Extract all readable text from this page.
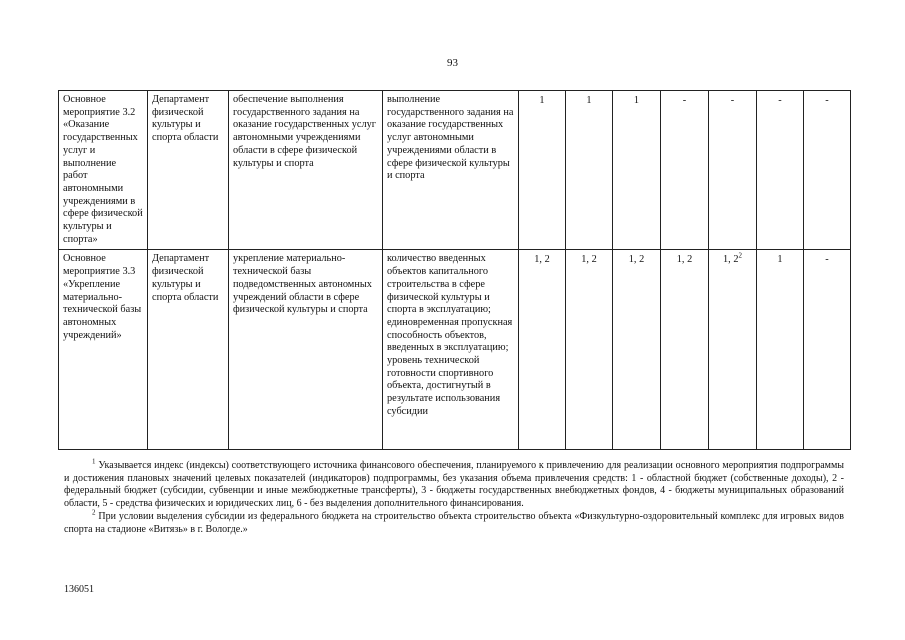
93
Основное мероприятие 3.2 «Оказание государственных услуг и выполнение работ автономными учреждениями в сфере физической культуры и спорта»	Департамент физической культуры и спорта области	обеспечение выполнения государственного задания на оказание государственных услуг автономными учреждениями области в сфере физической культуры и спорта	выполнение государственного задания на оказание государственных услуг автономными учреждениями области в сфере физической культуры и спорта	1	1	1	-	-	-	-
Основное мероприятие 3.3 «Укрепление материально-технической базы автономных учреждений»	Департамент физической культуры и спорта области	укрепление материально-технической базы подведомственных автономных учреждений области в сфере физической культуры и спорта	количество введенных объектов капитального строительства в сфере физической культуры и спорта в эксплуатацию; единовременная пропускная способность объектов, введенных в эксплуатацию; уровень технической готовности спортивного объекта, достигнутый в результате использования субсидии	1, 2	1, 2	1, 2	1, 2	1, $2^2$	1	-

$^1$ Указывается индекс (индексы) соответствующего источника финансового обеспечения, планируемого к привлечению для реализации основного мероприятия подпрограммы и достижения плановых значений целевых показателей (индикаторов) подпрограммы, без указания объема привлечения средств: 1 - областной бюджет (собственные доходы), 2 - федеральный бюджет (субсидии, субвенции и иные межбюджетные трансферты), 3 - бюджеты государственных внебюджетных фондов, 4 - бюджеты муниципальных образований области, 5 - средства физических и юридических лиц, 6 - без выделения дополнительного финансирования.

$^2$ При условии выделения субсидии из федерального бюджета на строительство объекта строительство объекта «Физкультурно-оздоровительный комплекс для игровых видов спорта на стадионе «Витязь» в г. Вологде.»

136051
